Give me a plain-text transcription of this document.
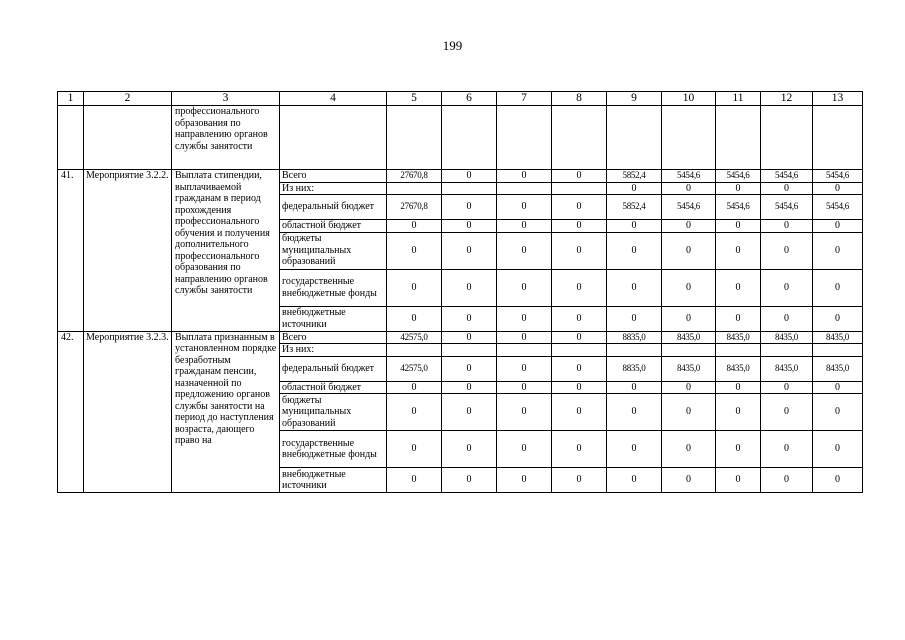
199
1	2	3	4	5	6	7	8	9	10	11	12	13
		профессионального образования по направлению органов службы занятости										
41.	Мероприятие 3.2.2.	Выплата стипендии, выплачиваемой гражданам в период прохождения профессионального обучения и получения дополнительного профессионального образования по направлению органов службы занятости	Всего	27670,8	0	0	0	5852,4	5454,6	5454,6	5454,6	5454,6
			Из них:					0	0	0	0	0
			федеральный бюджет	27670,8	0	0	0	5852,4	5454,6	5454,6	5454,6	5454,6
			областной бюджет	0	0	0	0	0	0	0	0	0
			бюджеты муниципальных образований	0	0	0	0	0	0	0	0	0
			государственные внебюджетные фонды	0	0	0	0	0	0	0	0	0
			внебюджетные источники	0	0	0	0	0	0	0	0	0
42.	Мероприятие 3.2.3.	Выплата признанным в установленном порядке безработным гражданам пенсии, назначенной по предложению органов службы занятости на период до наступления возраста, дающего право на	Всего	42575,0	0	0	0	8835,0	8435,0	8435,0	8435,0	8435,0
			Из них:									
			федеральный бюджет	42575,0	0	0	0	8835,0	8435,0	8435,0	8435,0	8435,0
			областной бюджет	0	0	0	0	0	0	0	0	0
			бюджеты муниципальных образований	0	0	0	0	0	0	0	0	0
			государственные внебюджетные фонды	0	0	0	0	0	0	0	0	0
			внебюджетные источники	0	0	0	0	0	0	0	0	0
